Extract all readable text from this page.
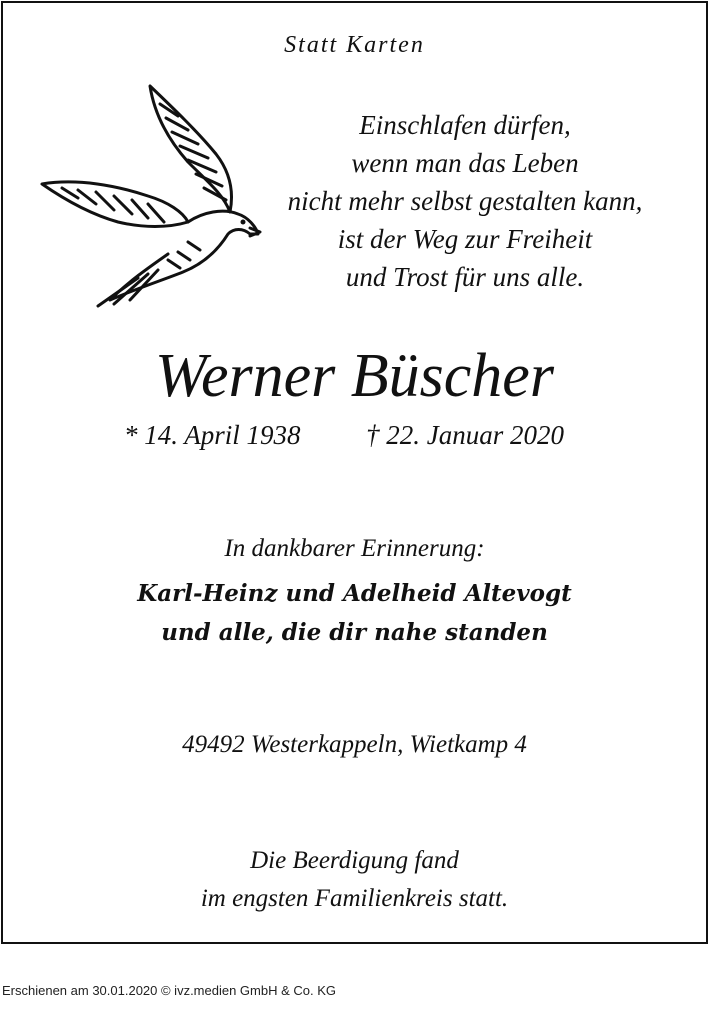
Statt Karten
Einschlafen dürfen,
wenn man das Leben
nicht mehr selbst gestalten kann,
ist der Weg zur Freiheit
und Trost für uns alle.
Werner Büscher
* 14. April 1938 † 22. Januar 2020
In dankbarer Erinnerung:
Karl-Heinz und Adelheid Altevogt
und alle, die dir nahe standen
49492 Westerkappeln, Wietkamp 4
Die Beerdigung fand
im engsten Familienkreis statt.
Erschienen am 30.01.2020 © ivz.medien GmbH & Co. KG
